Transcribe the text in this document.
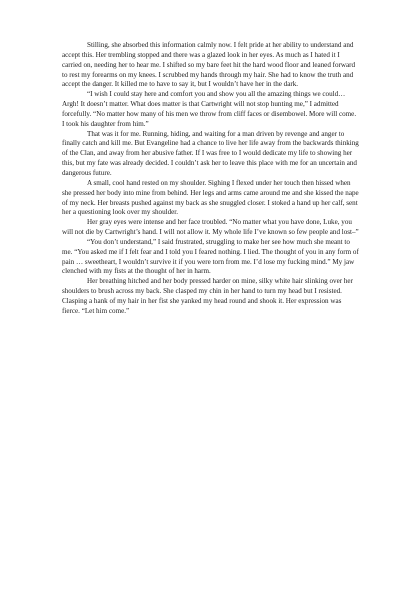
Stilling, she absorbed this information calmly now. I felt pride at her ability to understand and accept this. Her trembling stopped and there was a glazed look in her eyes. As much as I hated it I carried on, needing her to hear me. I shifted so my bare feet hit the hard wood floor and leaned forward to rest my forearms on my knees. I scrubbed my hands through my hair. She had to know the truth and accept the danger. It killed me to have to say it, but I wouldn’t have her in the dark.

“I wish I could stay here and comfort you and show you all the amazing things we could… Argh! It doesn’t matter. What does matter is that Cartwright will not stop hunting me,” I admitted forcefully. “No matter how many of his men we throw from cliff faces or disembowel. More will come. I took his daughter from him.”

That was it for me. Running, hiding, and waiting for a man driven by revenge and anger to finally catch and kill me. But Evangeline had a chance to live her life away from the backwards thinking of the Clan, and away from her abusive father. If I was free to I would dedicate my life to showing her this, but my fate was already decided. I couldn’t ask her to leave this place with me for an uncertain and dangerous future.

A small, cool hand rested on my shoulder. Sighing I flexed under her touch then hissed when she pressed her body into mine from behind. Her legs and arms came around me and she kissed the nape of my neck. Her breasts pushed against my back as she snuggled closer. I stoked a hand up her calf, sent her a questioning look over my shoulder.

Her gray eyes were intense and her face troubled. “No matter what you have done, Luke, you will not die by Cartwright’s hand. I will not allow it. My whole life I’ve known so few people and lost–”

“You don’t understand,” I said frustrated, struggling to make her see how much she meant to me. “You asked me if I felt fear and I told you I feared nothing. I lied. The thought of you in any form of pain … sweetheart, I wouldn’t survive it if you were torn from me. I’d lose my fucking mind.” My jaw clenched with my fists at the thought of her in harm.

Her breathing hitched and her body pressed harder on mine, silky white hair slinking over her shoulders to brush across my back. She clasped my chin in her hand to turn my head but I resisted. Clasping a hank of my hair in her fist she yanked my head round and shook it. Her expression was fierce. “Let him come.”
